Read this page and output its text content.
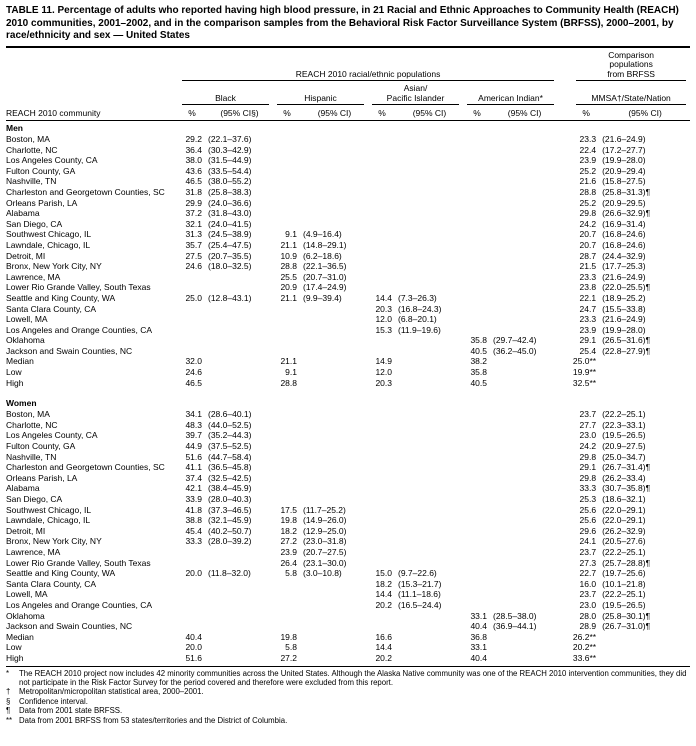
TABLE 11. Percentage of adults who reported having high blood pressure, in 21 Racial and Ethnic Approaches to Community Health (REACH) 2010 communities, 2001–2002, and in the comparison samples from the Behavioral Risk Factor Surveillance System (BRFSS), 2000–2001, by race/ethnicity and sex — United States

	REACH 2010 racial/ethnic populations									Comparison
populations
from BRFSS	

	Black		Hispanic		Asian/
Pacific Islander		American Indian*			MMSA†/State/Nation	

REACH 2010 community	%	(95% CI§)	%	(95% CI)	%	(95% CI)	%	(95% CI)		%	(95% CI)
Men											
Boston, MA	29.2	(22.1–37.6)								23.3	(21.6–24.9)
Charlotte, NC	36.4	(30.3–42.9)								22.4	(17.2–27.7)
Los Angeles County, CA	38.0	(31.5–44.9)								23.9	(19.9–28.0)
Fulton County, GA	43.6	(33.5–54.4)								25.2	(20.9–29.4)
Nashville, TN	46.5	(38.0–55.2)								21.6	(15.8–27.5)
Charleston and Georgetown Counties, SC	31.8	(25.8–38.3)								28.8	(25.8–31.3)¶
Orleans Parish, LA	29.9	(24.0–36.6)								25.2	(20.9–29.5)
Alabama	37.2	(31.8–43.0)								29.8	(26.6–32.9)¶
San Diego, CA	32.1	(24.0–41.5)								24.2	(16.9–31.4)
Southwest Chicago, IL	31.3	(24.5–38.9)	9.1	(4.9–16.4)						20.7	(16.8–24.6)
Lawndale, Chicago, IL	35.7	(25.4–47.5)	21.1	(14.8–29.1)						20.7	(16.8–24.6)
Detroit, MI	27.5	(20.7–35.5)	10.9	(6.2–18.6)						28.7	(24.4–32.9)
Bronx, New York City, NY	24.6	(18.0–32.5)	28.8	(22.1–36.5)						21.5	(17.7–25.3)
Lawrence, MA			25.5	(20.7–31.0)						23.3	(21.6–24.9)
Lower Rio Grande Valley, South Texas			20.9	(17.4–24.9)						23.8	(22.0–25.5)¶
Seattle and King County, WA	25.0	(12.8–43.1)	21.1	(9.9–39.4)	14.4	(7.3–26.3)				22.1	(18.9–25.2)
Santa Clara County, CA					20.3	(16.8–24.3)				24.7	(15.5–33.8)
Lowell, MA					12.0	(6.8–20.1)				23.3	(21.6–24.9)
Los Angeles and Orange Counties, CA					15.3	(11.9–19.6)				23.9	(19.9–28.0)
Oklahoma							35.8	(29.7–42.4)		29.1	(26.5–31.6)¶
Jackson and Swain Counties, NC							40.5	(36.2–45.0)		25.4	(22.8–27.9)¶
Median	32.0		21.1		14.9		38.2			25.0**	
Low	24.6		9.1		12.0		35.8			19.9**	
High	46.5		28.8		20.3		40.5			32.5**	
Women											
Boston, MA	34.1	(28.6–40.1)								23.7	(22.2–25.1)
Charlotte, NC	48.3	(44.0–52.5)								27.7	(22.3–33.1)
Los Angeles County, CA	39.7	(35.2–44.3)								23.0	(19.5–26.5)
Fulton County, GA	44.9	(37.5–52.5)								24.2	(20.9–27.5)
Nashville, TN	51.6	(44.7–58.4)								29.8	(25.0–34.7)
Charleston and Georgetown Counties, SC	41.1	(36.5–45.8)								29.1	(26.7–31.4)¶
Orleans Parish, LA	37.4	(32.5–42.5)								29.8	(26.2–33.4)
Alabama	42.1	(38.4–45.9)								33.3	(30.7–35.8)¶
San Diego, CA	33.9	(28.0–40.3)								25.3	(18.6–32.1)
Southwest Chicago, IL	41.8	(37.3–46.5)	17.5	(11.7–25.2)						25.6	(22.0–29.1)
Lawndale, Chicago, IL	38.8	(32.1–45.9)	19.8	(14.9–26.0)						25.6	(22.0–29.1)
Detroit, MI	45.4	(40.2–50.7)	18.2	(12.9–25.0)						29.6	(26.2–32.9)
Bronx, New York City, NY	33.3	(28.0–39.2)	27.2	(23.0–31.8)						24.1	(20.5–27.6)
Lawrence, MA			23.9	(20.7–27.5)						23.7	(22.2–25.1)
Lower Rio Grande Valley, South Texas			26.4	(23.1–30.0)						27.3	(25.7–28.8)¶
Seattle and King County, WA	20.0	(11.8–32.0)	5.8	(3.0–10.8)	15.0	(9.7–22.6)				22.7	(19.7–25.6)
Santa Clara County, CA					18.2	(15.3–21.7)				16.0	(10.1–21.8)
Lowell, MA					14.4	(11.1–18.6)				23.7	(22.2–25.1)
Los Angeles and Orange Counties, CA					20.2	(16.5–24.4)				23.0	(19.5–26.5)
Oklahoma							33.1	(28.5–38.0)		28.0	(25.8–30.1)¶
Jackson and Swain Counties, NC							40.4	(36.9–44.1)		28.9	(26.7–31.0)¶
Median	40.4		19.8		16.6		36.8			26.2**	
Low	20.0		5.8		14.4		33.1			20.2**	
High	51.6		27.2		20.2		40.4			33.6**	
*	The REACH 2010 project now includes 42 minority communities across the United States. Although the Alaska Native community was one of the REACH 2010 intervention communities, they did not participate in the Risk Factor Survey for the period covered and therefore were excluded from this report.
†	Metropolitan/micropolitan statistical area, 2000–2001.
§	Confidence interval.
¶	Data from 2001 state BRFSS.
** Data from 2001 BRFSS from 53 states/territories and the District of Columbia.
